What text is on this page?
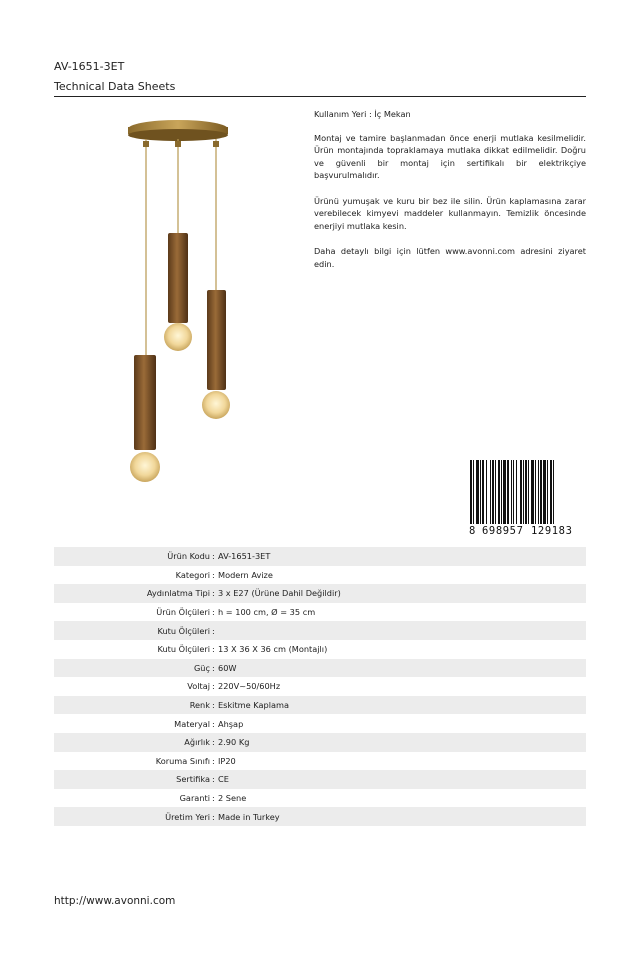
AV-1651-3ET
Technical Data Sheets

Kullanım Yeri : İç Mekan

Montaj ve tamire başlanmadan önce enerji mutlaka kesilmelidir. Ürün montajında topraklamaya mutlaka dikkat edilmelidir. Doğru ve güvenli bir montaj için sertifikalı bir elektrikçiye başvurulmalıdır.

Ürünü yumuşak ve kuru bir bez ile silin. Ürün kaplamasına zarar verebilecek kimyevi maddeler kullanmayın. Temizlik öncesinde enerjiyi mutlaka kesin.

Daha detaylı bilgi için lütfen www.avonni.com adresini ziyaret edin.

8 698957 129183
Ürün Kodu : AV-1651-3ET
Kategori : Modern Avize
Aydınlatma Tipi : 3 x E27 (Ürüne Dahil Değildir)
Ürün Ölçüleri : h = 100 cm, Ø = 35 cm
Kutu Ölçüleri :
Kutu Ölçüleri : 13 X 36 X 36 cm (Montajlı)
Güç : 60W
Voltaj : 220V~50/60Hz
Renk : Eskitme Kaplama
Materyal : Ahşap
Ağırlık : 2.90 Kg
Koruma Sınıfı : IP20
Sertifika : CE
Garanti : 2 Sene
Üretim Yeri : Made in Turkey
http://www.avonni.com
